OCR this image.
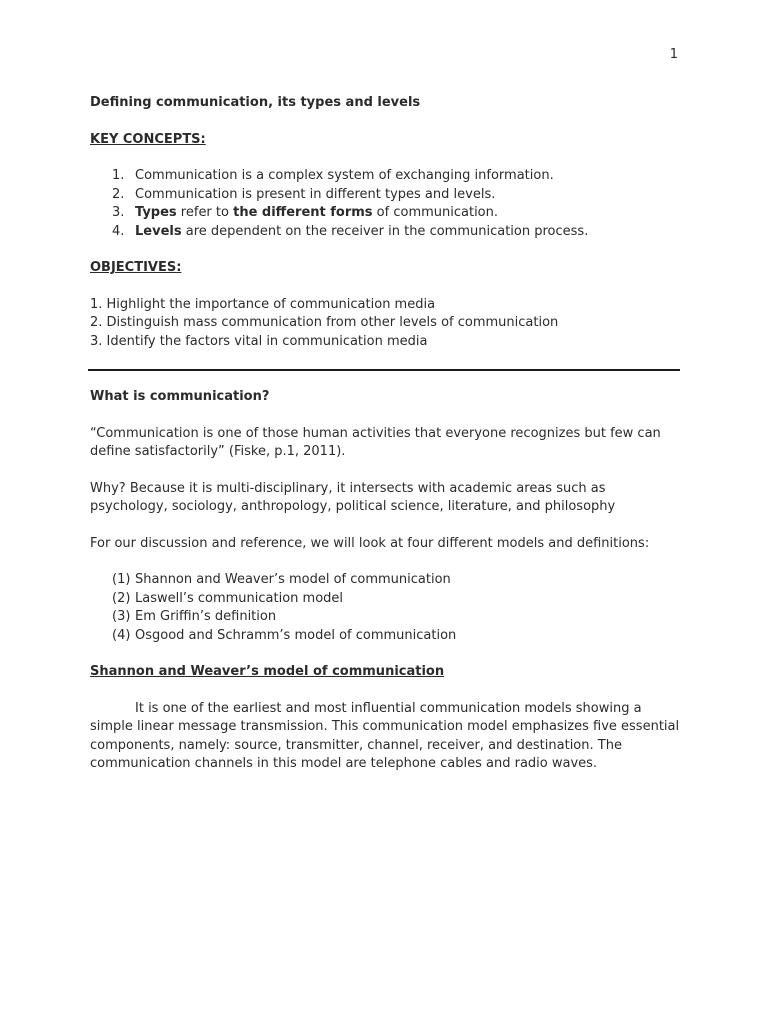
1

Defining communication, its types and levels

KEY CONCEPTS:

1. Communication is a complex system of exchanging information.
2. Communication is present in different types and levels.
3. Types refer to the different forms of communication.
4. Levels are dependent on the receiver in the communication process.

OBJECTIVES:

1. Highlight the importance of communication media

2. Distinguish mass communication from other levels of communication

3. Identify the factors vital in communication media

What is communication?

“Communication is one of those human activities that everyone recognizes but few can define satisfactorily” (Fiske, p.1, 2011).

Why? Because it is multi-disciplinary, it intersects with academic areas such as psychology, sociology, anthropology, political science, literature, and philosophy

For our discussion and reference, we will look at four different models and definitions:

(1) Shannon and Weaver’s model of communication
(2) Laswell’s communication model
(3) Em Griffin’s definition
(4) Osgood and Schramm’s model of communication

Shannon and Weaver’s model of communication

It is one of the earliest and most influential communication models showing a simple linear message transmission. This communication model emphasizes five essential components, namely: source, transmitter, channel, receiver, and destination. The communication channels in this model are telephone cables and radio waves.
